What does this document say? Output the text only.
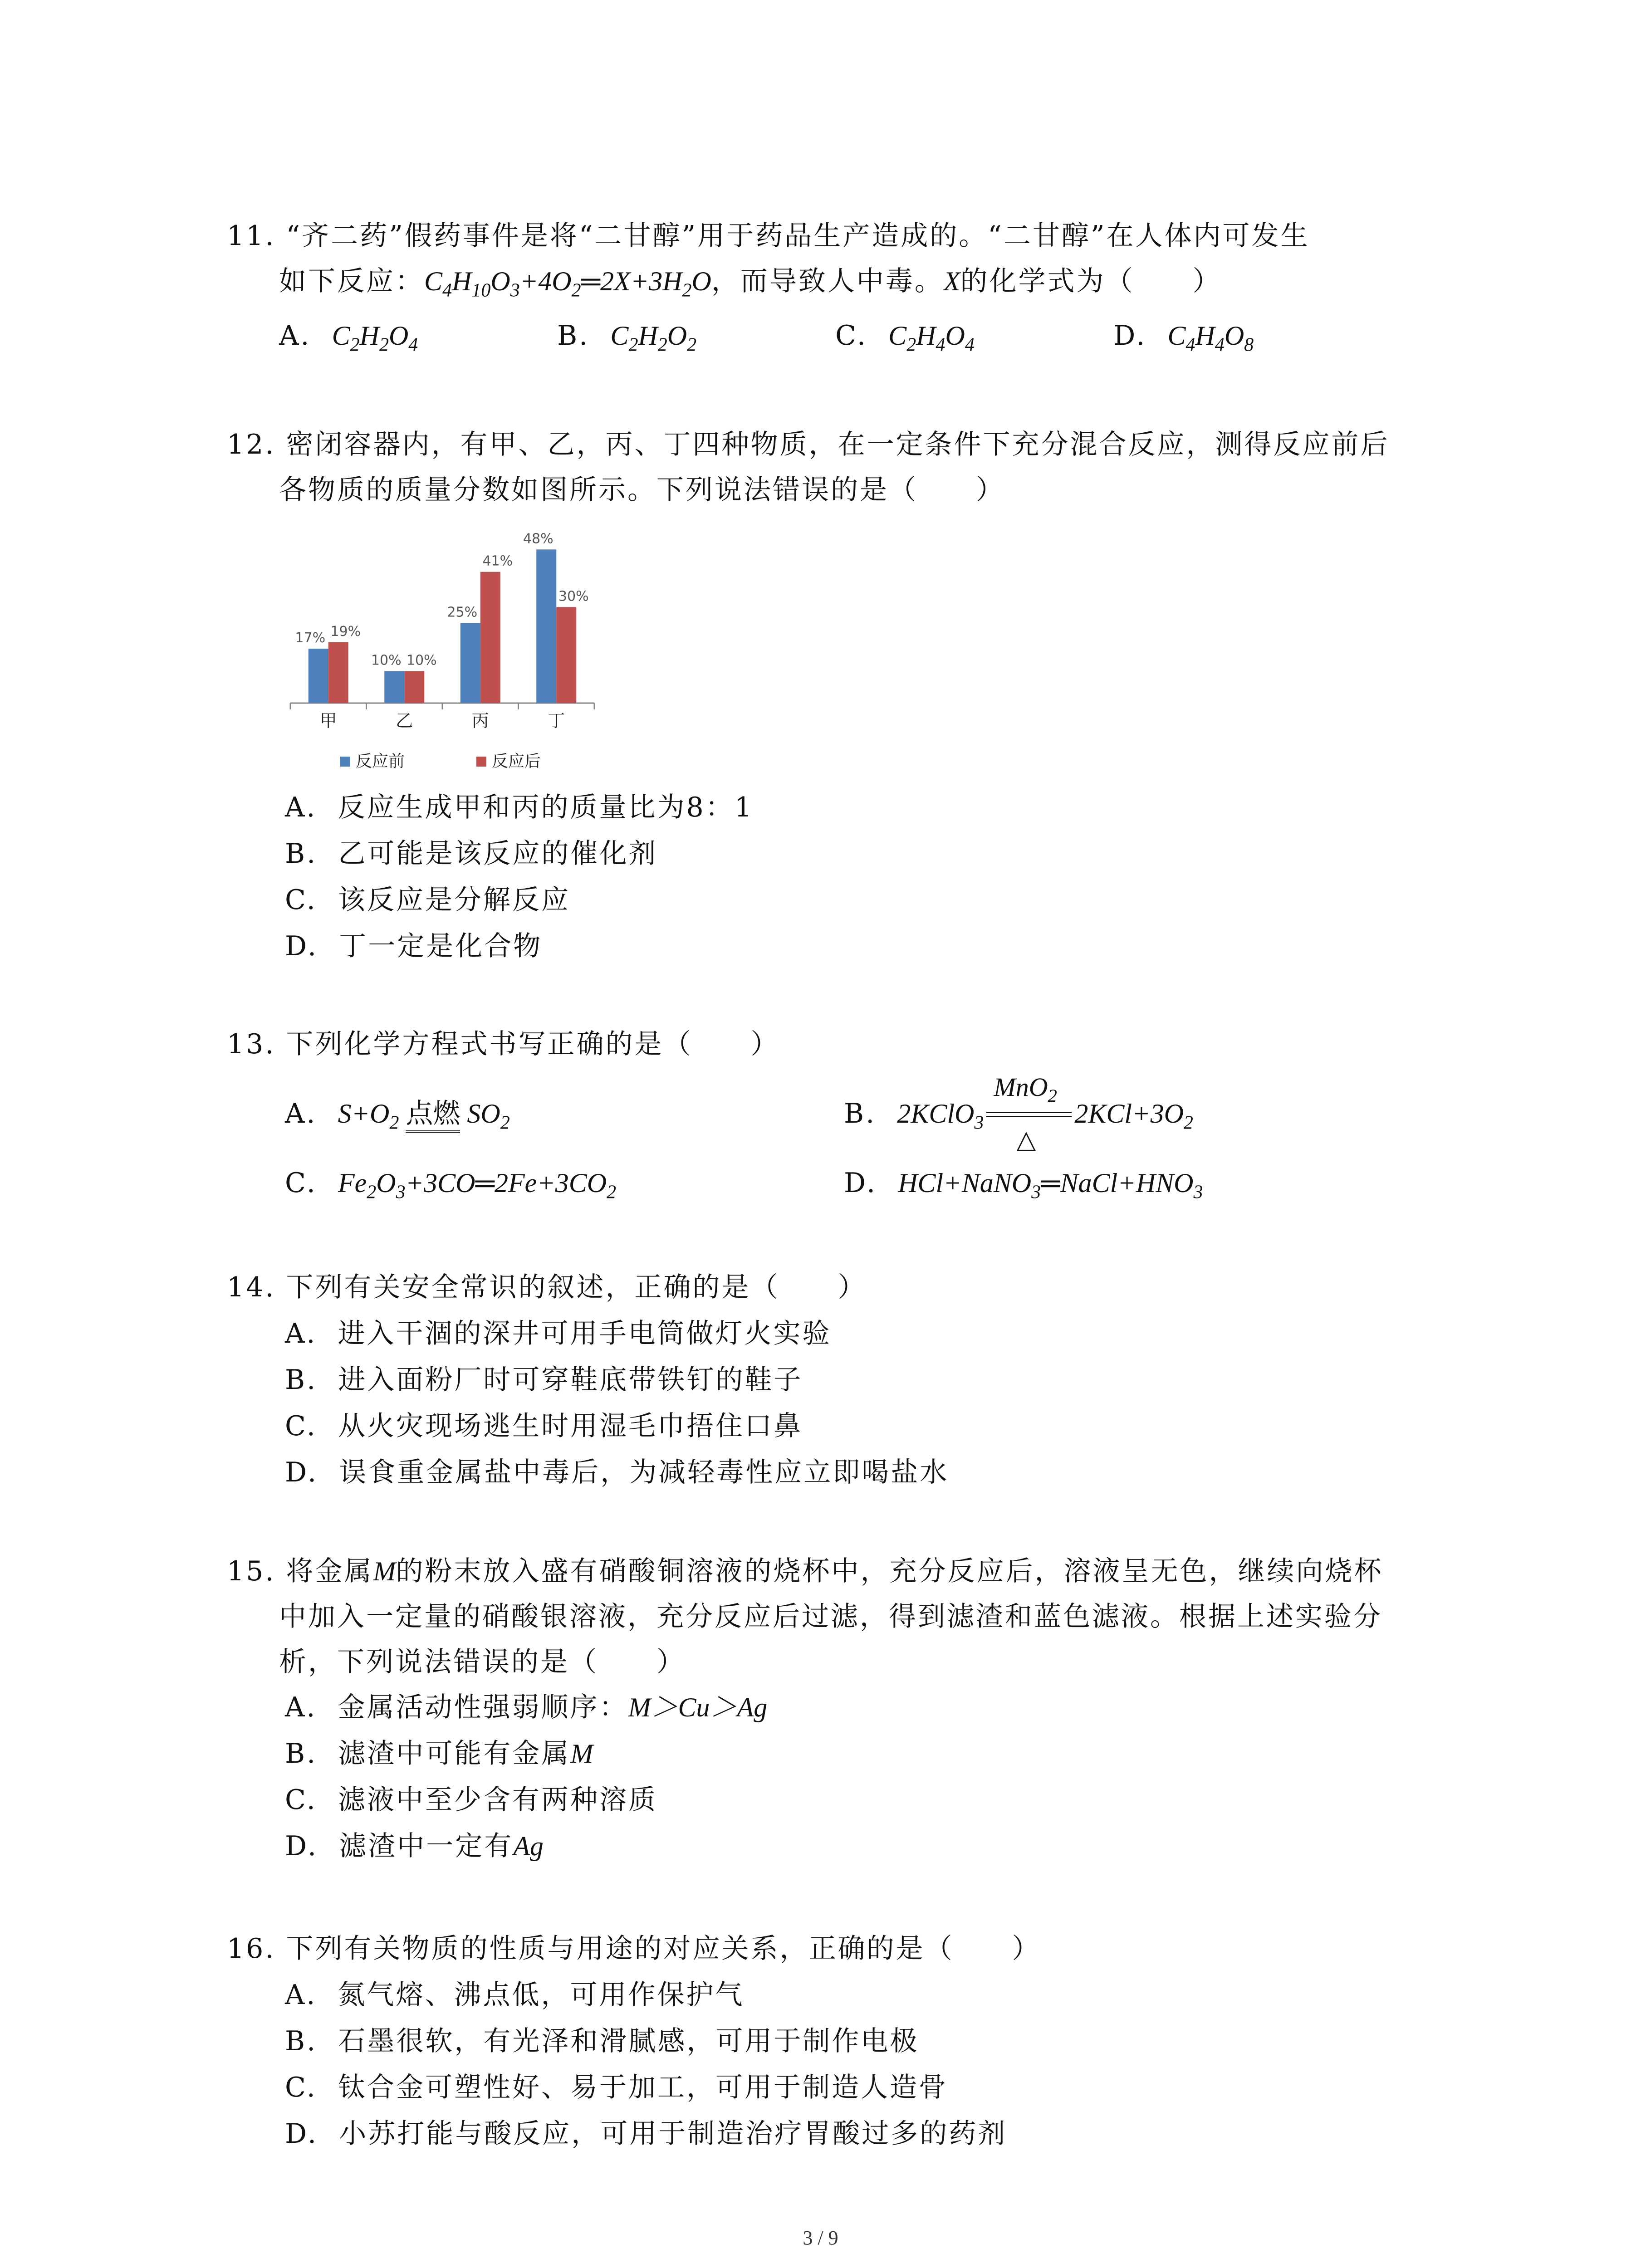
11. “齐二药”假药事件是将“二甘醇”用于药品生产造成的。“二甘醇”在人体内可发生
如下反应：$C_4H_{10}O_3+4O_2═2X+3H_2O$，而导致人中毒。X的化学式为（　　）
A. $C_2H_2O_4$	B. $C_2H_2O_2$	C. $C_2H_4O_4$	D. $C_4H_4O_8$
12. 密闭容器内，有甲、乙，丙、丁四种物质，在一定条件下充分混合反应，测得反应前后
各物质的质量分数如图所示。下列说法错误的是（　　）
17% 19%
甲
10% 10%
乙
25%
41%
丙
48%
30%
丁
反应前	反应后
A. 反应生成甲和丙的质量比为8：1
B. 乙可能是该反应的催化剂
C. 该反应是分解反应
D. 丁一定是化合物
13. 下列化学方程式书写正确的是（　　）
A. $S+O_2$ 点燃 $SO_2$	B. 2KClO$_3$
MnO$_2$
△
$2KCl+3O_2$
C. $Fe_2O_3+3CO═2Fe+3CO_2$	D. $HCl+NaNO_3═NaCl+HNO_3$
14. 下列有关安全常识的叙述，正确的是（　　）
A. 进入干涸的深井可用手电筒做灯火实验
B. 进入面粉厂时可穿鞋底带铁钉的鞋子
C. 从火灾现场逃生时用湿毛巾捂住口鼻
D. 误食重金属盐中毒后，为减轻毒性应立即喝盐水
15. 将金属M的粉末放入盛有硝酸铜溶液的烧杯中，充分反应后，溶液呈无色，继续向烧杯
中加入一定量的硝酸银溶液，充分反应后过滤，得到滤渣和蓝色滤液。根据上述实验分
析，下列说法错误的是（　　）
A. 金属活动性强弱顺序：M＞Cu＞Ag
B. 滤渣中可能有金属M
C. 滤液中至少含有两种溶质
D. 滤渣中一定有Ag
16. 下列有关物质的性质与用途的对应关系，正确的是（　　）
A. 氮气熔、沸点低，可用作保护气
B. 石墨很软，有光泽和滑腻感，可用于制作电极
C. 钛合金可塑性好、易于加工，可用于制造人造骨
D. 小苏打能与酸反应，可用于制造治疗胃酸过多的药剂
3 / 9
